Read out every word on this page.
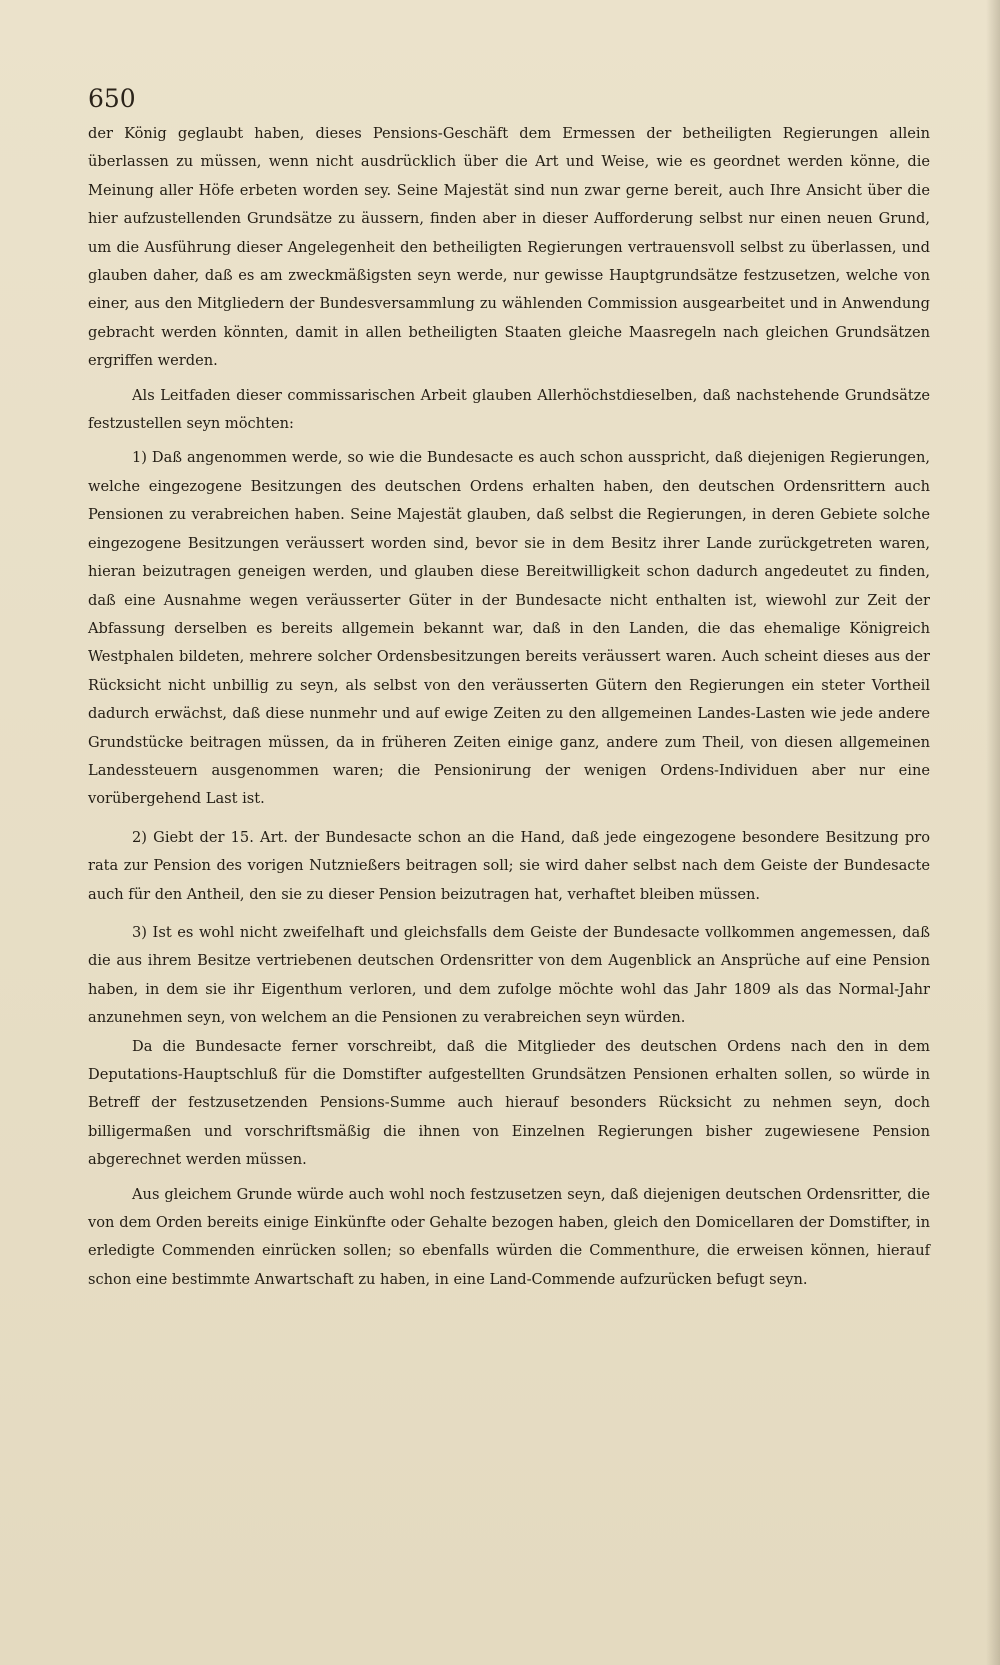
650

der König geglaubt haben, dieses Pensions-Geschäft dem Ermessen der betheiligten Regierungen allein überlassen zu müssen, wenn nicht ausdrücklich über die Art und Weise, wie es geordnet werden könne, die Meinung aller Höfe erbeten worden sey. Seine Majestät sind nun zwar gerne bereit, auch Ihre Ansicht über die hier aufzustellenden Grundsätze zu äussern, finden aber in dieser Aufforderung selbst nur einen neuen Grund, um die Ausführung dieser Angelegenheit den betheiligten Regierungen vertrauensvoll selbst zu überlassen, und glauben daher, daß es am zweckmäßigsten seyn werde, nur gewisse Hauptgrundsätze festzusetzen, welche von einer, aus den Mitgliedern der Bundesversammlung zu wählenden Commission ausgearbeitet und in Anwendung gebracht werden könnten, damit in allen betheiligten Staaten gleiche Maasregeln nach gleichen Grundsätzen ergriffen werden.

Als Leitfaden dieser commissarischen Arbeit glauben Allerhöchstdieselben, daß nachstehende Grundsätze festzustellen seyn möchten:

1) Daß angenommen werde, so wie die Bundesacte es auch schon ausspricht, daß diejenigen Regierungen, welche eingezogene Besitzungen des deutschen Ordens erhalten haben, den deutschen Ordensrittern auch Pensionen zu verabreichen haben. Seine Majestät glauben, daß selbst die Regierungen, in deren Gebiete solche eingezogene Besitzungen veräussert worden sind, bevor sie in dem Besitz ihrer Lande zurückgetreten waren, hieran beizutragen geneigen werden, und glauben diese Bereitwilligkeit schon dadurch angedeutet zu finden, daß eine Ausnahme wegen veräusserter Güter in der Bundesacte nicht enthalten ist, wiewohl zur Zeit der Abfassung derselben es bereits allgemein bekannt war, daß in den Landen, die das ehemalige Königreich Westphalen bildeten, mehrere solcher Ordensbesitzungen bereits veräussert waren. Auch scheint dieses aus der Rücksicht nicht unbillig zu seyn, als selbst von den veräusserten Gütern den Regierungen ein steter Vortheil dadurch erwächst, daß diese nunmehr und auf ewige Zeiten zu den allgemeinen Landes-Lasten wie jede andere Grundstücke beitragen müssen, da in früheren Zeiten einige ganz, andere zum Theil, von diesen allgemeinen Landessteuern ausgenommen waren; die Pensionirung der wenigen Ordens-Individuen aber nur eine vorübergehend Last ist.

2) Giebt der 15. Art. der Bundesacte schon an die Hand, daß jede eingezogene besondere Besitzung pro rata zur Pension des vorigen Nutznießers beitragen soll; sie wird daher selbst nach dem Geiste der Bundesacte auch für den Antheil, den sie zu dieser Pension beizutragen hat, verhaftet bleiben müssen.

3) Ist es wohl nicht zweifelhaft und gleichsfalls dem Geiste der Bundesacte vollkommen angemessen, daß die aus ihrem Besitze vertriebenen deutschen Ordensritter von dem Augenblick an Ansprüche auf eine Pension haben, in dem sie ihr Eigenthum verloren, und dem zufolge möchte wohl das Jahr 1809 als das Normal-Jahr anzunehmen seyn, von welchem an die Pensionen zu verabreichen seyn würden.

Da die Bundesacte ferner vorschreibt, daß die Mitglieder des deutschen Ordens nach den in dem Deputations-Hauptschluß für die Domstifter aufgestellten Grundsätzen Pensionen erhalten sollen, so würde in Betreff der festzusetzenden Pensions-Summe auch hierauf besonders Rücksicht zu nehmen seyn, doch billigermaßen und vorschriftsmäßig die ihnen von Einzelnen Regierungen bisher zugewiesene Pension abgerechnet werden müssen.

Aus gleichem Grunde würde auch wohl noch festzusetzen seyn, daß diejenigen deutschen Ordensritter, die von dem Orden bereits einige Einkünfte oder Gehalte bezogen haben, gleich den Domicellaren der Domstifter, in erledigte Commenden einrücken sollen; so ebenfalls würden die Commenthure, die erweisen können, hierauf schon eine bestimmte Anwartschaft zu haben, in eine Land-Commende aufzurücken befugt seyn.
